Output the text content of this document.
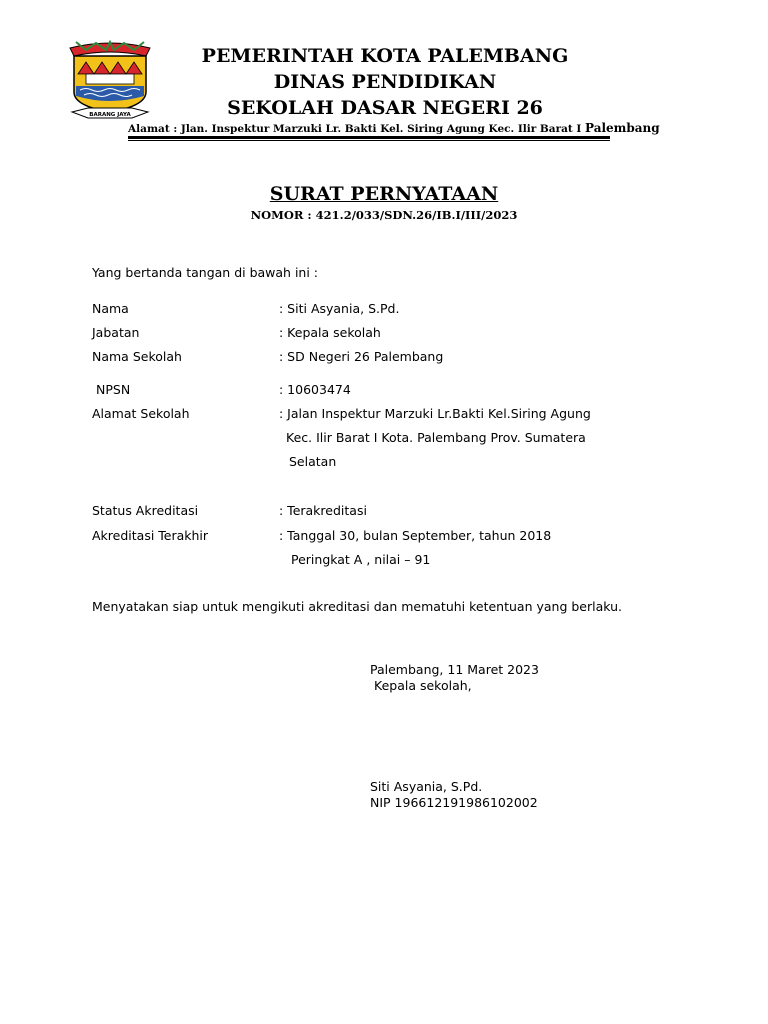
BARANG JAYA
PEMERINTAH KOTA PALEMBANG
DINAS PENDIDIKAN
SEKOLAH DASAR NEGERI 26
Alamat : Jlan. Inspektur Marzuki Lr. Bakti Kel. Siring Agung Kec. Ilir Barat I Palembang
SURAT PERNYATAAN
NOMOR : 421.2/033/SDN.26/IB.I/III/2023
Yang bertanda tangan di bawah ini :
Nama	: Siti Asyania, S.Pd.
Jabatan	: Kepala sekolah
Nama Sekolah	: SD Negeri 26 Palembang
NPSN	: 10603474
Alamat Sekolah	: Jalan Inspektur Marzuki Lr.Bakti Kel.Siring Agung
Kec. Ilir Barat I Kota. Palembang Prov. Sumatera
Selatan
Status Akreditasi	: Terakreditasi
Akreditasi Terakhir	: Tanggal 30, bulan September, tahun 2018
Peringkat A , nilai – 91
Menyatakan siap untuk mengikuti akreditasi dan mematuhi ketentuan yang berlaku.
Palembang, 11 Maret 2023
Kepala sekolah,
Siti Asyania, S.Pd.
NIP 196612191986102002
